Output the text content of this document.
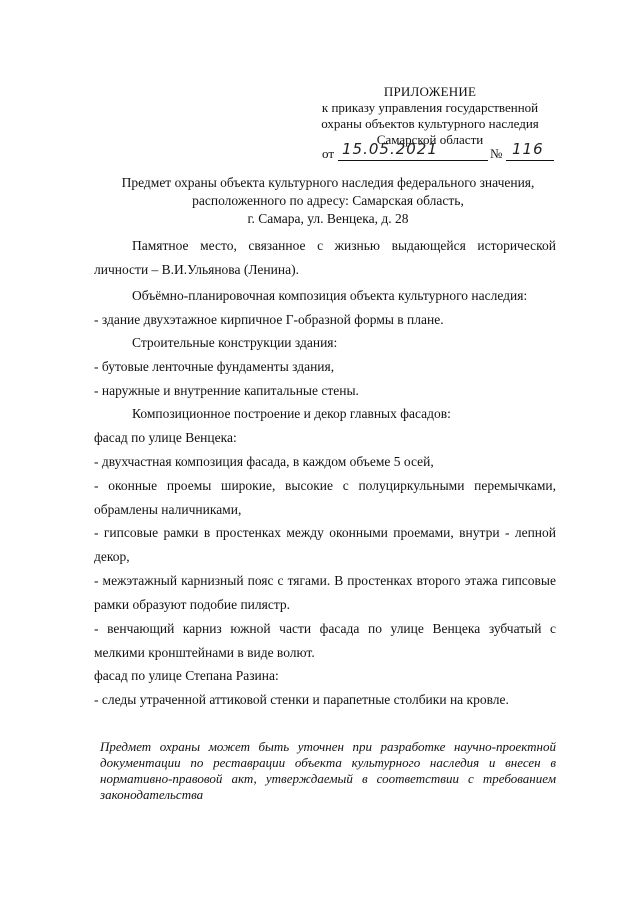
ПРИЛОЖЕНИЕ
к приказу управления государственной
охраны объектов культурного наследия
Самарской области
от 15.05.2021	№ 116
Предмет охраны объекта культурного наследия федерального значения,
расположенного по адресу: Самарская область,
г. Самара, ул. Венцека, д. 28
Памятное место, связанное с жизнью выдающейся исторической личности – В.И.Ульянова (Ленина).
Объёмно-планировочная композиция объекта культурного наследия:
- здание двухэтажное кирпичное Г-образной формы в плане.
Строительные конструкции здания:
- бутовые ленточные фундаменты здания,
- наружные и внутренние капитальные стены.
Композиционное построение и декор главных фасадов:
фасад по улице Венцека:
- двухчастная композиция фасада, в каждом объеме 5 осей,
- оконные проемы широкие, высокие с полуциркульными перемычками, обрамлены наличниками,
- гипсовые рамки в простенках между оконными проемами, внутри - лепной декор,
- межэтажный карнизный пояс с тягами. В простенках второго этажа гипсовые рамки образуют подобие пилястр.
- венчающий карниз южной части фасада по улице Венцека зубчатый с мелкими кронштейнами в виде волют.
фасад по улице Степана Разина:
- следы утраченной аттиковой стенки и парапетные столбики на кровле.
Предмет охраны может быть уточнен при разработке научно-проектной документации по реставрации объекта культурного наследия и внесен в нормативно-правовой акт, утверждаемый в соответствии с требованием законодательства
